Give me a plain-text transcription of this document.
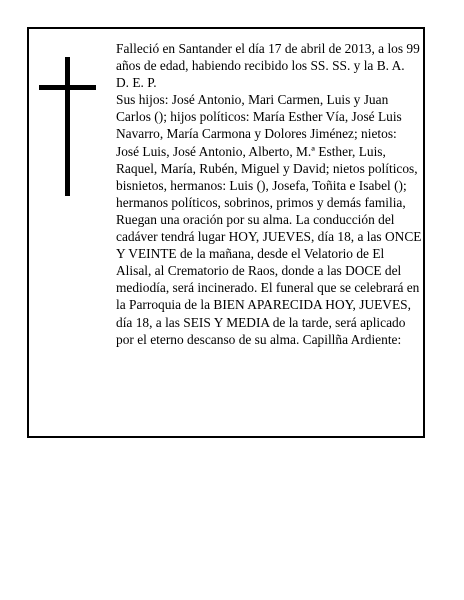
Falleció en Santander el día 17 de abril de 2013, a los 99 años de edad, habiendo recibido los SS. SS. y la B. A.

D. E. P.

Sus hijos: José Antonio, Mari Carmen, Luis y Juan Carlos (); hijos políticos: María Esther Vía, José Luis Navarro, María Carmona y Dolores Jiménez; nietos: José Luis, José Antonio, Alberto, M.ª Esther, Luis, Raquel, María, Rubén, Miguel y David; nietos políticos, bisnietos, hermanos: Luis (), Josefa, Toñita e Isabel (); hermanos políticos, sobrinos, primos y demás familia,

Ruegan una oración por su alma. La conducción del cadáver tendrá lugar HOY, JUEVES, día 18, a las ONCE Y VEINTE de la mañana, desde el Velatorio de El Alisal, al Crematorio de Raos, donde a las DOCE del mediodía, será incinerado. El funeral que se celebrará en la Parroquia de la BIEN APARECIDA HOY, JUEVES, día 18, a las SEIS Y MEDIA de la tarde, será aplicado por el eterno descanso de su alma. Capillña Ardiente:
